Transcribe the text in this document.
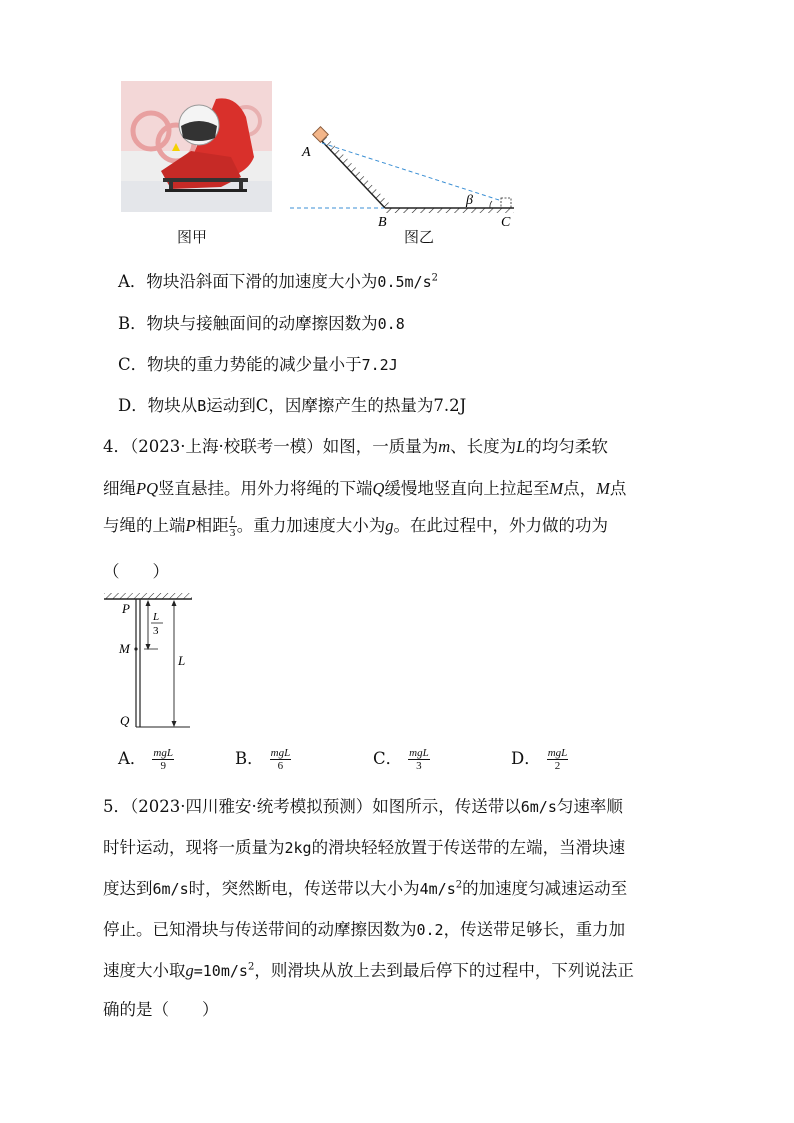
图甲
A
B	C
β
图乙
A．物块沿斜面下滑的加速度大小为$0.5m/s^2$
B．物块与接触面间的动摩擦因数为0.8
C．物块的重力势能的减少量小于7.2J
D．物块从B运动到C，因摩擦产生的热量为7.2J
4．（2023·上海·校联考一模）如图，一质量为m、长度为L的均匀柔软
细绳PQ竖直悬挂。用外力将绳的下端Q缓慢地竖直向上拉起至M点，M点
与绳的上端P相距 $\frac{L}{3}$ 。重力加速度大小为g。在此过程中，外力做的功为
（　　）
P
M
Q
L
L
3
A． $\frac{\text{mgL}}{9}$	B． $\frac{\text{mgL}}{6}$	C． $\frac{\text{mgL}}{3}$	D． $\frac{\text{mgL}}{2}$
5．（2023·四川雅安·统考模拟预测）如图所示，传送带以6m/s匀速率顺
时针运动，现将一质量为2kg的滑块轻轻放置于传送带的左端，当滑块速
度达到6m/s时，突然断电，传送带以大小为$4m/s^2$的加速度匀减速运动至
停止。已知滑块与传送带间的动摩擦因数为0.2，传送带足够长，重力加
速度大小取$g=10m/s^2$，则滑块从放上去到最后停下的过程中，下列说法正
确的是（　　）
